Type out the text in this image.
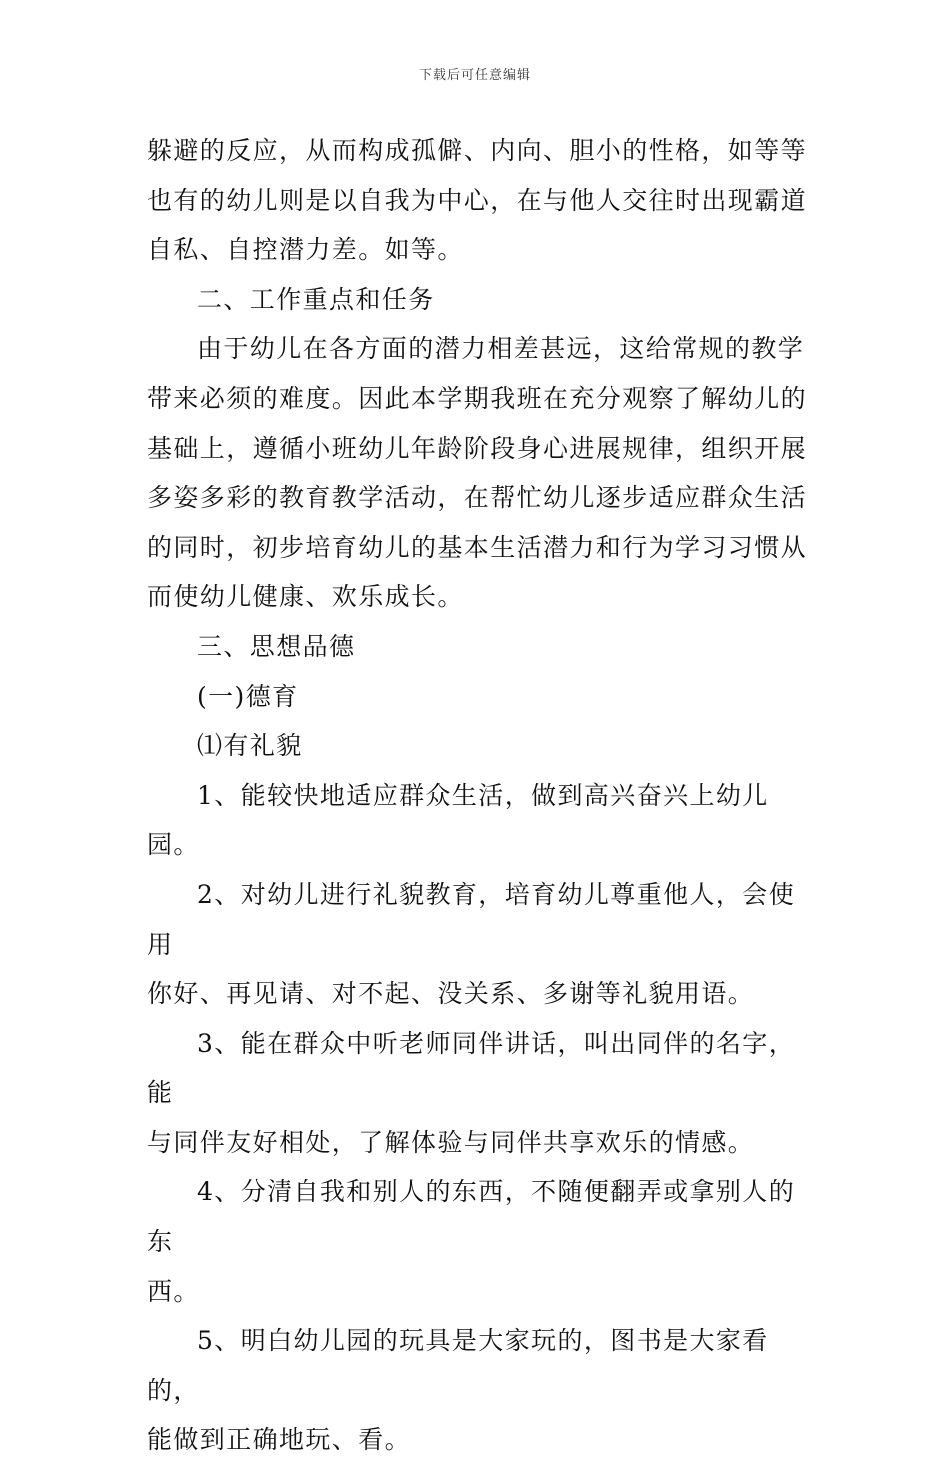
下载后可任意编辑

躲避的反应，从而构成孤僻、内向、胆小的性格，如等等

也有的幼儿则是以自我为中心，在与他人交往时出现霸道

自私、自控潜力差。如等。

二、工作重点和任务

由于幼儿在各方面的潜力相差甚远，这给常规的教学

带来必须的难度。因此本学期我班在充分观察了解幼儿的

基础上，遵循小班幼儿年龄阶段身心进展规律，组织开展

多姿多彩的教育教学活动，在帮忙幼儿逐步适应群众生活

的同时，初步培育幼儿的基本生活潜力和行为学习习惯从

而使幼儿健康、欢乐成长。

三、思想品德

(一)德育

⑴有礼貌

1、能较快地适应群众生活，做到高兴奋兴上幼儿园。

2、对幼儿进行礼貌教育，培育幼儿尊重他人，会使用

你好、再见请、对不起、没关系、多谢等礼貌用语。

3、能在群众中听老师同伴讲话，叫出同伴的名字，能

与同伴友好相处，了解体验与同伴共享欢乐的情感。

4、分清自我和别人的东西，不随便翻弄或拿别人的东

西。

5、明白幼儿园的玩具是大家玩的，图书是大家看的，

能做到正确地玩、看。
